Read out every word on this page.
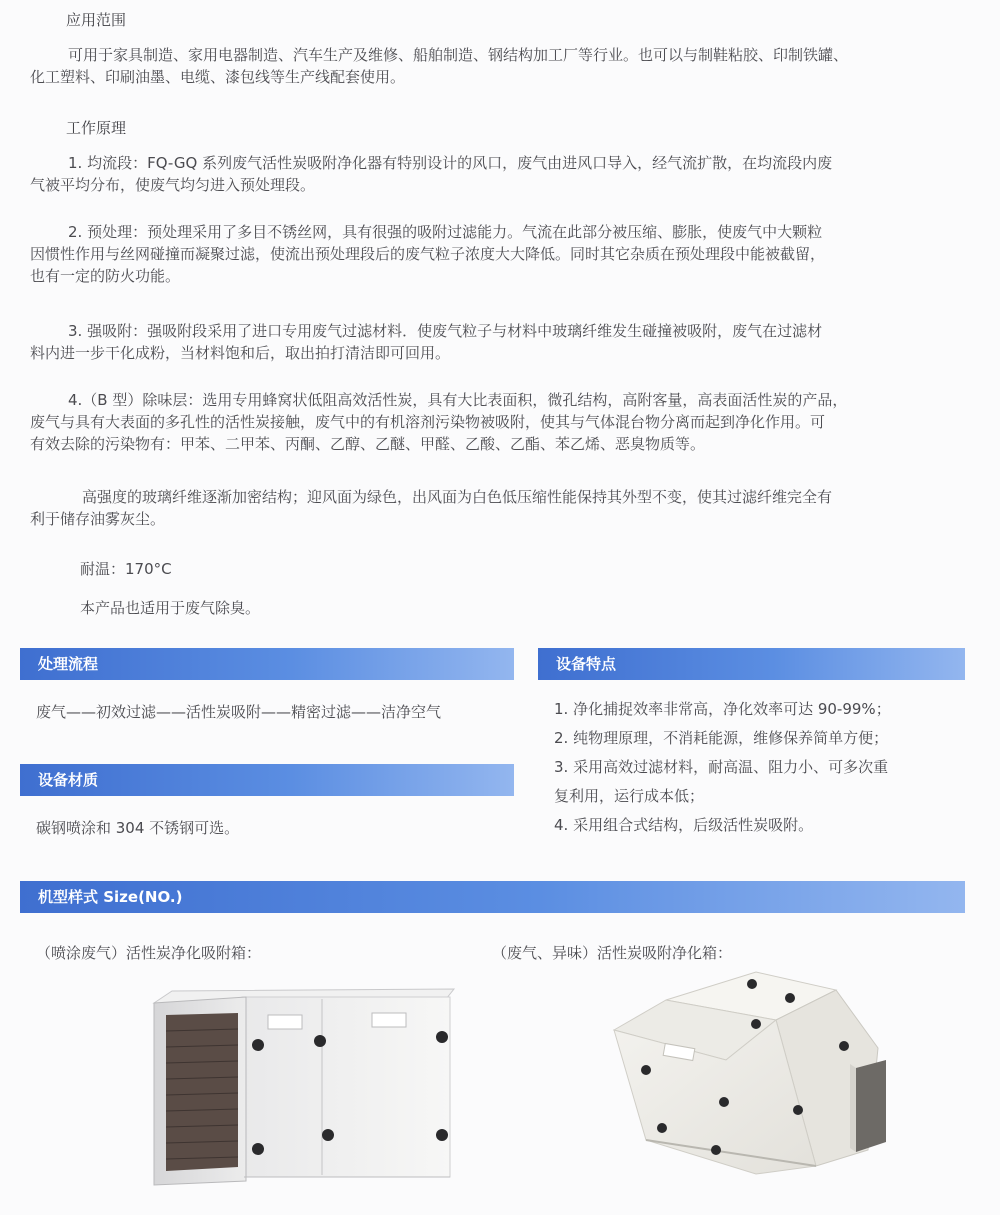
应用范围
可用于家具制造、家用电器制造、汽车生产及维修、船舶制造、钢结构加工厂等行业。也可以与制鞋粘胶、印制铁罐、
化工塑料、印刷油墨、电缆、漆包线等生产线配套使用。
工作原理
1. 均流段：FQ-GQ 系列废气活性炭吸附净化器有特别设计的风口，废气由进风口导入，经气流扩散，在均流段内废
气被平均分布，使废气均匀进入预处理段。
2. 预处理：预处理采用了多目不锈丝网，具有很强的吸附过滤能力。气流在此部分被压缩、膨胀，使废气中大颗粒
因惯性作用与丝网碰撞而凝聚过滤，使流出预处理段后的废气粒子浓度大大降低。同时其它杂质在预处理段中能被截留，
也有一定的防火功能。
3. 强吸附：强吸附段采用了进口专用废气过滤材料．使废气粒子与材料中玻璃纤维发生碰撞被吸附，废气在过滤材
料内进一步干化成粉，当材料饱和后，取出拍打清洁即可回用。
4.（B 型）除味层：选用专用蜂窝状低阻高效活性炭，具有大比表面积，微孔结构，高附客量，高表面活性炭的产品，
废气与具有大表面的多孔性的活性炭接触，废气中的有机溶剂污染物被吸附，使其与气体混台物分离而起到净化作用。可
有效去除的污染物有：甲苯、二甲苯、丙酮、乙醇、乙醚、甲醛、乙酸、乙酯、苯乙烯、恶臭物质等。
高强度的玻璃纤维逐渐加密结构；迎风面为绿色，出风面为白色低压缩性能保持其外型不变，使其过滤纤维完全有
利于储存油雾灰尘。
耐温：170°C
本产品也适用于废气除臭。
处理流程
废气——初效过滤——活性炭吸附——精密过滤——洁净空气
设备材质
碳钢喷涂和 304 不锈钢可选。
设备特点
1. 净化捕捉效率非常高，净化效率可达 90-99%；
2. 纯物理原理，不消耗能源，维修保养简单方便；
3. 采用高效过滤材料，耐高温、阻力小、可多次重
复利用，运行成本低；
4. 采用组合式结构，后级活性炭吸附。
机型样式 Size(NO.)
（喷涂废气）活性炭净化吸附箱：	（废气、异味）活性炭吸附净化箱：
